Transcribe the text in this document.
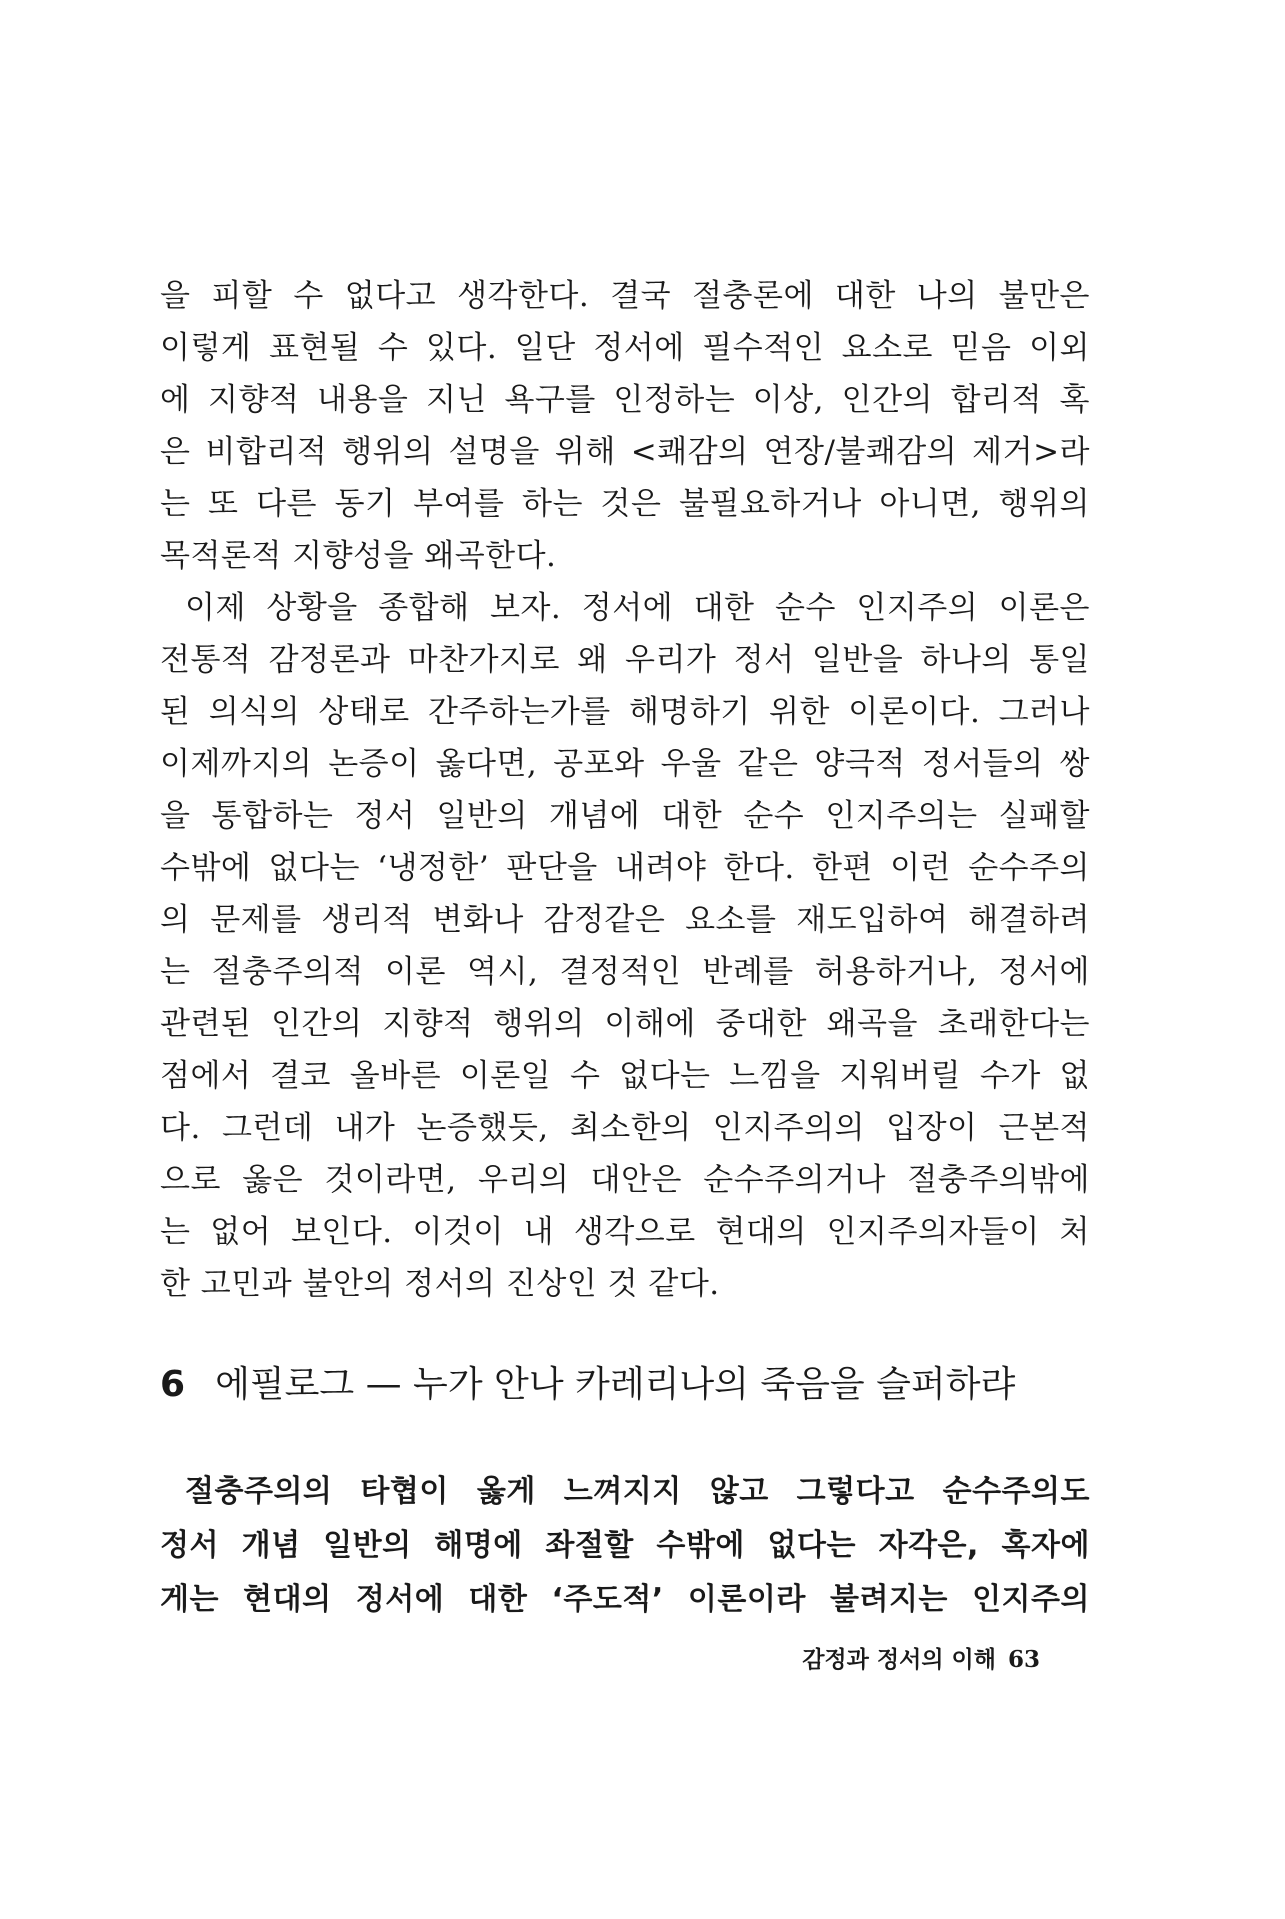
을 피할 수 없다고 생각한다. 결국 절충론에 대한 나의 불만은
이렇게 표현될 수 있다. 일단 정서에 필수적인 요소로 믿음 이외
에 지향적 내용을 지닌 욕구를 인정하는 이상, 인간의 합리적 혹
은 비합리적 행위의 설명을 위해 <쾌감의 연장/불쾌감의 제거>라
는 또 다른 동기 부여를 하는 것은 불필요하거나 아니면, 행위의
목적론적 지향성을 왜곡한다.
이제 상황을 종합해 보자. 정서에 대한 순수 인지주의 이론은
전통적 감정론과 마찬가지로 왜 우리가 정서 일반을 하나의 통일
된 의식의 상태로 간주하는가를 해명하기 위한 이론이다. 그러나
이제까지의 논증이 옳다면, 공포와 우울 같은 양극적 정서들의 쌍
을 통합하는 정서 일반의 개념에 대한 순수 인지주의는 실패할
수밖에 없다는 ‘냉정한’ 판단을 내려야 한다. 한편 이런 순수주의
의 문제를 생리적 변화나 감정같은 요소를 재도입하여 해결하려
는 절충주의적 이론 역시, 결정적인 반례를 허용하거나, 정서에
관련된 인간의 지향적 행위의 이해에 중대한 왜곡을 초래한다는
점에서 결코 올바른 이론일 수 없다는 느낌을 지워버릴 수가 없
다. 그런데 내가 논증했듯, 최소한의 인지주의의 입장이 근본적
으로 옳은 것이라면, 우리의 대안은 순수주의거나 절충주의밖에
는 없어 보인다. 이것이 내 생각으로 현대의 인지주의자들이 처
한 고민과 불안의 정서의 진상인 것 같다.
6 에필로그 — 누가 안나 카레리나의 죽음을 슬퍼하랴
절충주의의 타협이 옳게 느껴지지 않고 그렇다고 순수주의도
정서 개념 일반의 해명에 좌절할 수밖에 없다는 자각은, 혹자에
게는 현대의 정서에 대한 ‘주도적’ 이론이라 불려지는 인지주의
감정과 정서의 이해 63
